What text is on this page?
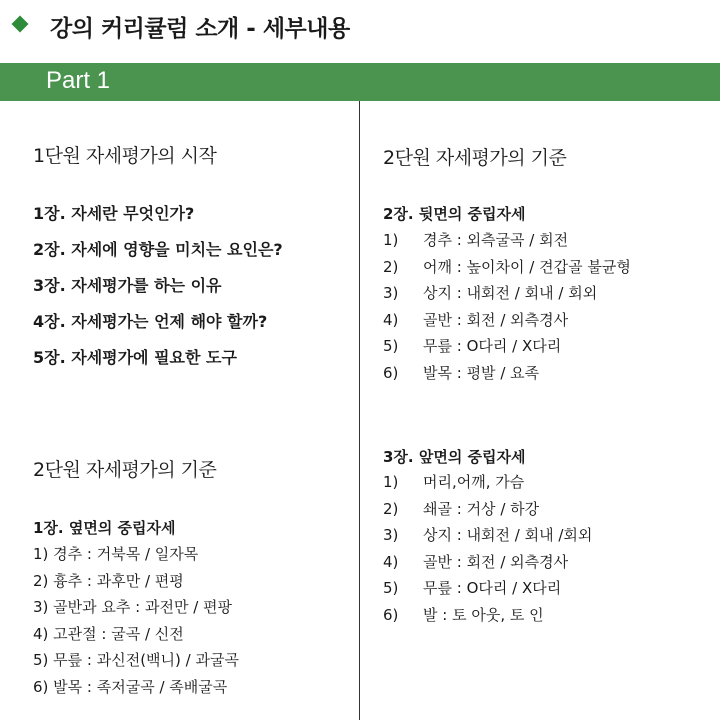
강의 커리큘럼 소개 - 세부내용
Part 1
1단원 자세평가의 시작
1장. 자세란 무엇인가?
2장. 자세에 영향을 미치는 요인은?
3장. 자세평가를 하는 이유
4장. 자세평가는 언제 해야 할까?
5장. 자세평가에 필요한 도구
2단원 자세평가의 기준
1장. 옆면의 중립자세
1) 경추 : 거북목 / 일자목
2) 흉추 : 과후만 / 편평
3) 골반과 요추 : 과전만 / 편팡
4) 고관절 : 굴곡 / 신전
5) 무릎 : 과신전(백니) / 과굴곡
6) 발목 : 족저굴곡 / 족배굴곡
2단원 자세평가의 기준
2장. 뒷면의 중립자세
1) 경추 : 외측굴곡 / 회전
2) 어깨 : 높이차이 / 견갑골 불균형
3) 상지 : 내회전 / 회내 / 회외
4) 골반 : 회전 / 외측경사
5) 무릎 : O다리 / X다리
6) 발목 : 평발 / 요족
3장. 앞면의 중립자세
1) 머리,어깨, 가슴
2) 쇄골 : 거상 / 하강
3) 상지 : 내회전 / 회내 /회외
4) 골반 : 회전 / 외측경사
5) 무릎 : O다리 / X다리
6) 발 : 토 아웃, 토 인
